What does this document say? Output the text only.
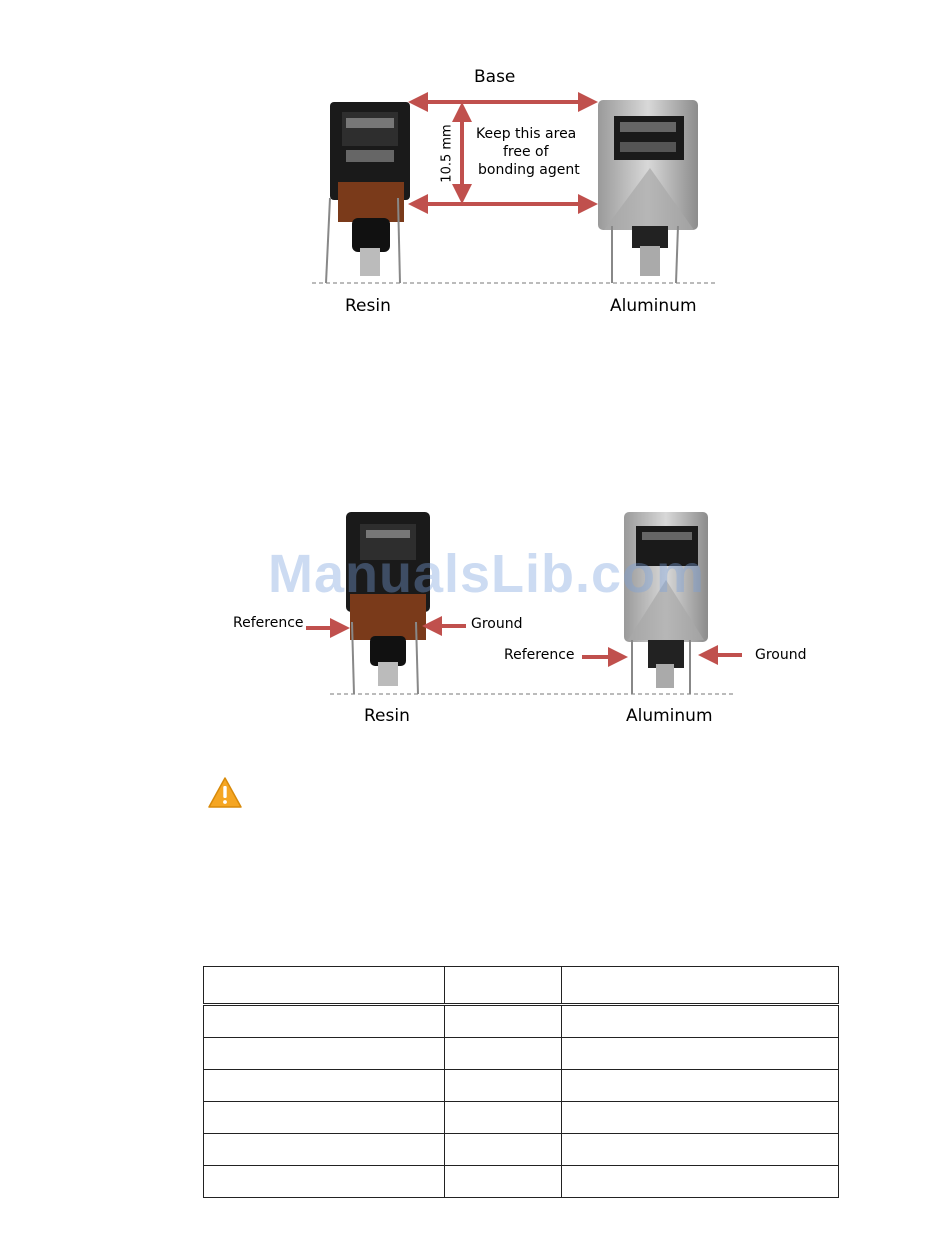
Base
10.5 mm Keep this area
free of
bonding agent
Resin	Aluminum
Reference	Ground
Reference	Ground
Resin	Aluminum
ManualsLib.com
